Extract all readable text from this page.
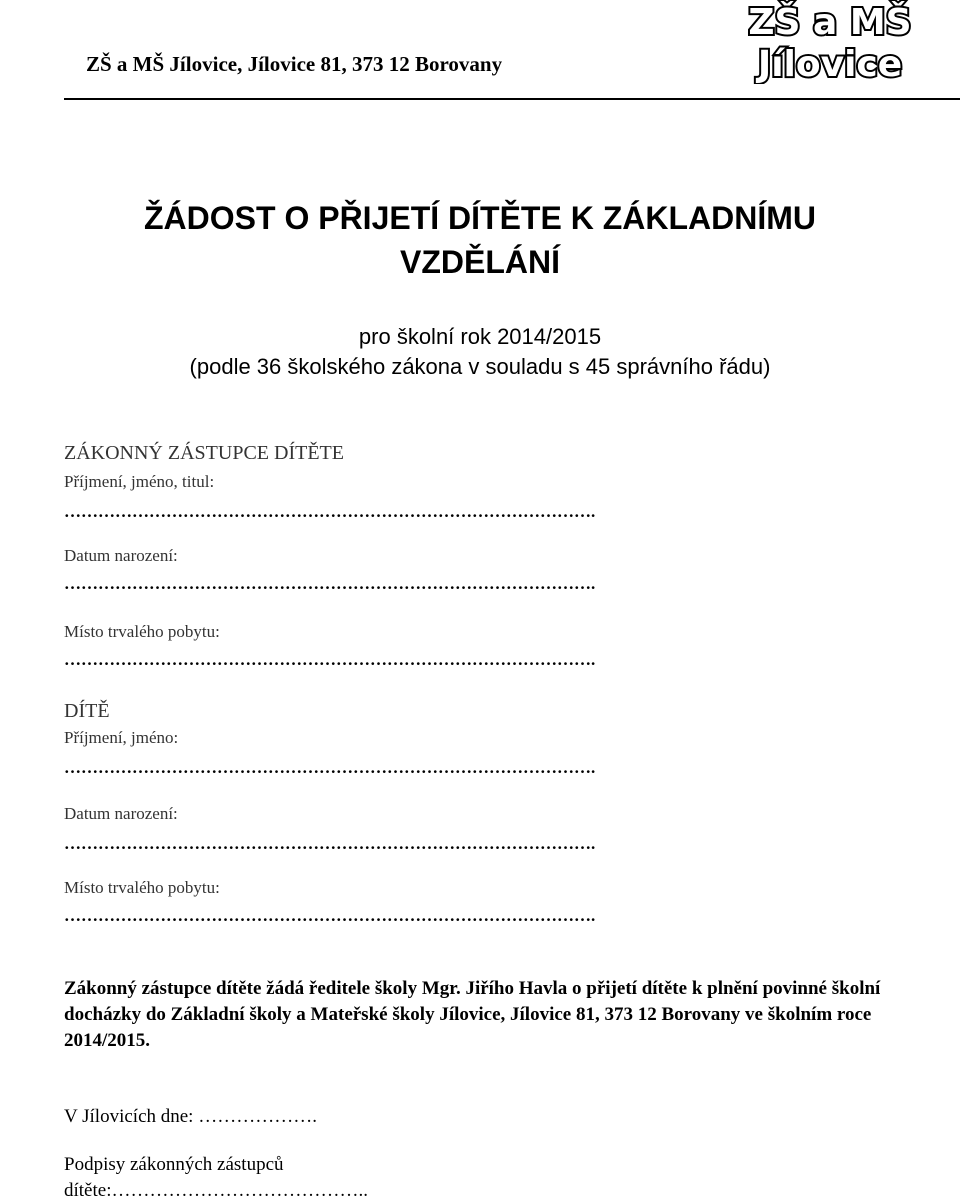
ZŠ a MŠ Jílovice, Jílovice 81, 373 12 Borovany
ZŠ a MŠ
Jílovice
ŽÁDOST O PŘIJETÍ DÍTĚTE K ZÁKLADNÍMU
VZDĚLÁNÍ
pro školní rok 2014/2015
(podle 36 školského zákona v souladu s 45 správního řádu)
ZÁKONNÝ ZÁSTUPCE DÍTĚTE
Příjmení, jméno, titul:
………………………………………………………………………………….
Datum narození:
………………………………………………………………………………….
Místo trvalého pobytu:
………………………………………………………………………………….
DÍTĚ
Příjmení, jméno:
………………………………………………………………………………….
Datum narození:
………………………………………………………………………………….
Místo trvalého pobytu:
………………………………………………………………………………….
Zákonný zástupce dítěte žádá ředitele školy Mgr. Jiřího Havla o přijetí dítěte k plnění povinné školní docházky do Základní školy a Mateřské školy Jílovice, Jílovice 81, 373 12 Borovany ve školním roce 2014/2015.
V Jílovicích dne: ……………….
Podpisy zákonných zástupců
dítěte:…………………………………..
